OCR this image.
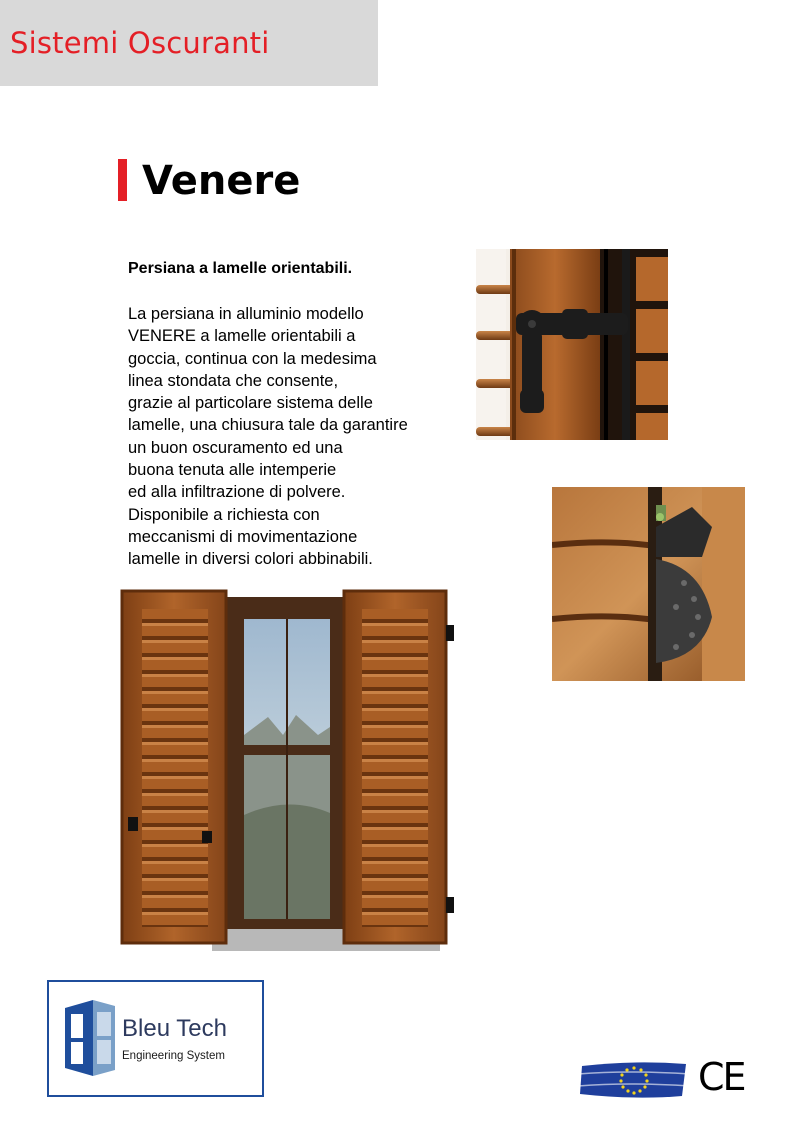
Sistemi Oscuranti
Venere
Persiana a lamelle orientabili.
La persiana in alluminio modello
VENERE a lamelle orientabili a
goccia, continua con la medesima
linea stondata che consente,
grazie al particolare sistema delle
lamelle, una chiusura tale da garantire
un buon oscuramento ed una
buona tenuta alle intemperie
ed alla infiltrazione di polvere.
Disponibile a richiesta con
meccanismi di movimentazione
lamelle in diversi colori abbinabili.
Bleu Tech
Engineering System	CE
